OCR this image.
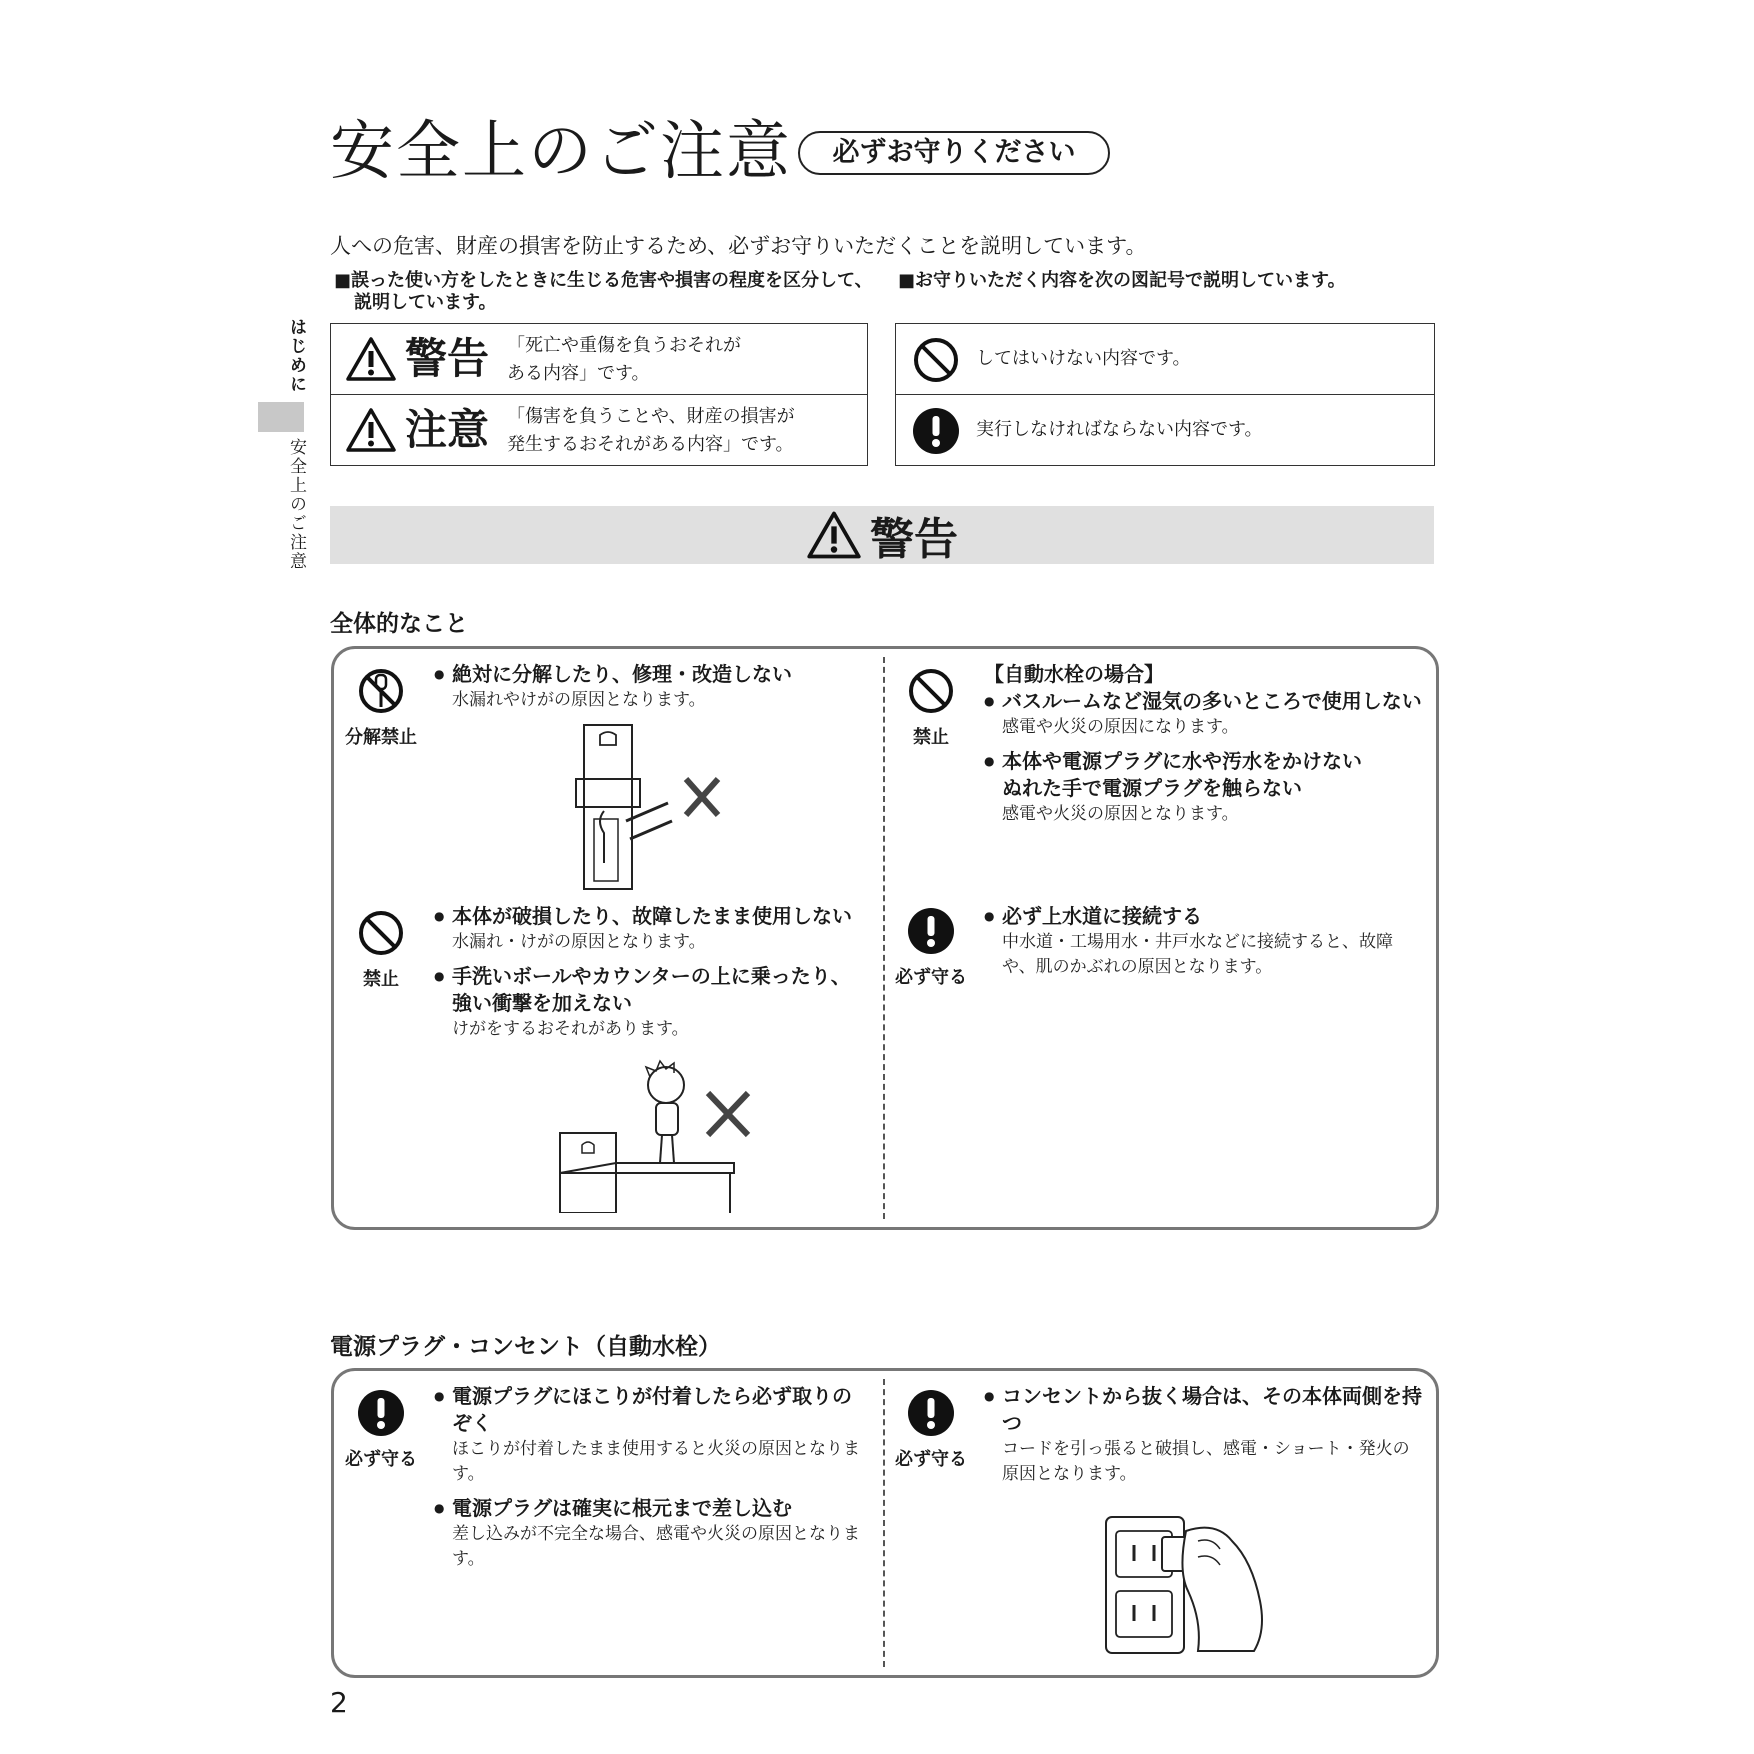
安全上のご注意	必ずお守りください
人への危害、財産の損害を防止するため、必ずお守りいただくことを説明しています。
■誤った使い方をしたときに生じる危害や損害の程度を区分して、
説明しています。
■お守りいただく内容を次の図記号で説明しています。
はじめに
安全上のご注意
警告 「死亡や重傷を負うおそれが
ある内容」です。
注意 「傷害を負うことや、財産の損害が
発生するおそれがある内容」です。
してはいけない内容です。
実行しなければならない内容です。
警告
全体的なこと
分解禁止
● 絶対に分解したり、修理・改造しない
水漏れやけがの原因となります。
禁止
● 本体が破損したり、故障したまま使用しない
水漏れ・けがの原因となります。
● 手洗いボールやカウンターの上に乗ったり、
強い衝撃を加えない
けがをするおそれがあります。
禁止
【自動水栓の場合】
● バスルームなど湿気の多いところで使用しない
感電や火災の原因になります。
● 本体や電源プラグに水や汚水をかけない
ぬれた手で電源プラグを触らない
感電や火災の原因となります。
必ず守る
● 必ず上水道に接続する
中水道・工場用水・井戸水などに接続すると、故障や、肌のかぶれの原因となります。
電源プラグ・コンセント（自動水栓）
必ず守る
● 電源プラグにほこりが付着したら必ず取りのぞく
ほこりが付着したまま使用すると火災の原因となります。
● 電源プラグは確実に根元まで差し込む
差し込みが不完全な場合、感電や火災の原因となります。
必ず守る
● コンセントから抜く場合は、その本体両側を持つ
コードを引っ張ると破損し、感電・ショート・発火の原因となります。
2
